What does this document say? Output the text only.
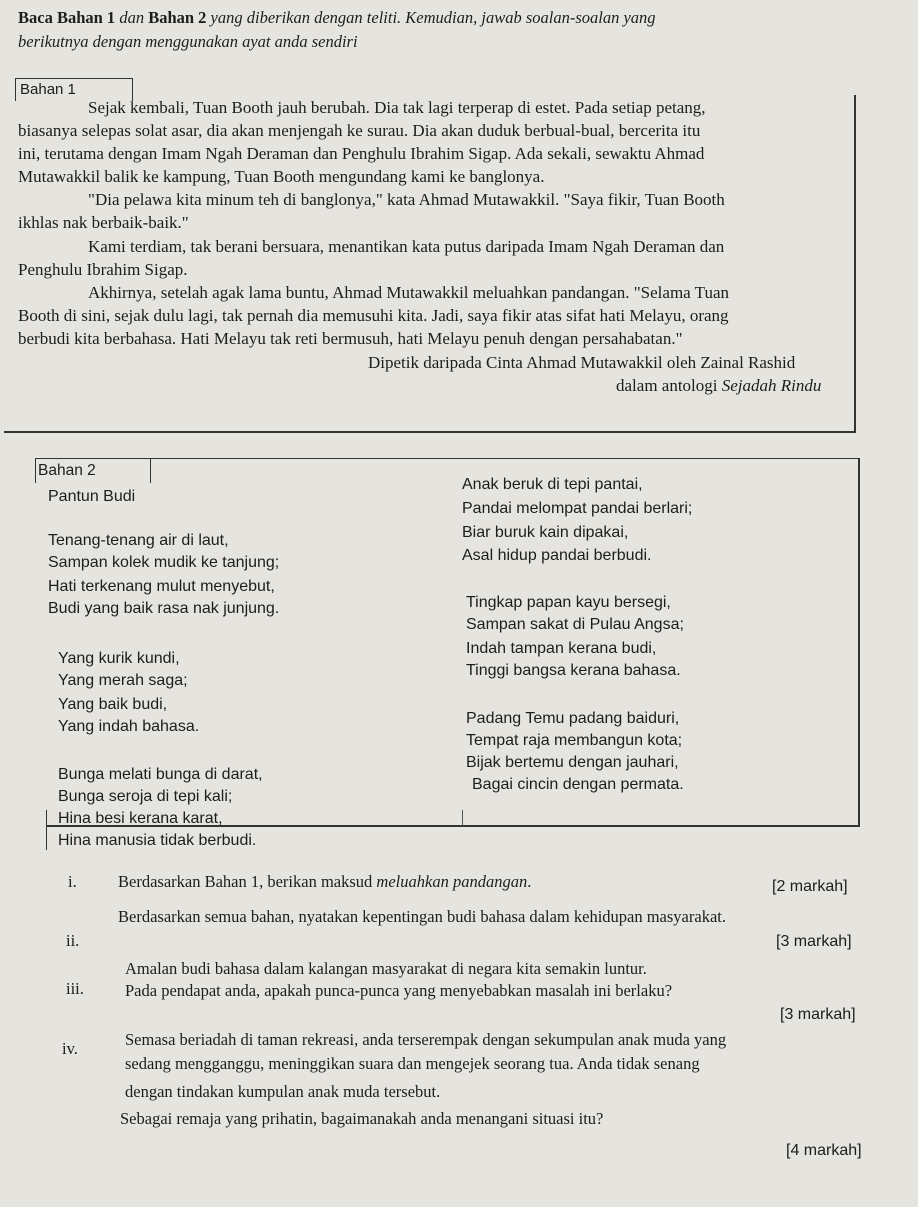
Baca Bahan 1 dan Bahan 2 yang diberikan dengan teliti. Kemudian, jawab soalan-soalan yang
berikutnya dengan menggunakan ayat anda sendiri
Bahan 1
Sejak kembali, Tuan Booth jauh berubah. Dia tak lagi terperap di estet. Pada setiap petang,
biasanya selepas solat asar, dia akan menjengah ke surau. Dia akan duduk berbual-bual, bercerita itu
ini, terutama dengan Imam Ngah Deraman dan Penghulu Ibrahim Sigap. Ada sekali, sewaktu Ahmad
Mutawakkil balik ke kampung, Tuan Booth mengundang kami ke banglonya.
"Dia pelawa kita minum teh di banglonya," kata Ahmad Mutawakkil. "Saya fikir, Tuan Booth
ikhlas nak berbaik-baik."
Kami terdiam, tak berani bersuara, menantikan kata putus daripada Imam Ngah Deraman dan
Penghulu Ibrahim Sigap.
Akhirnya, setelah agak lama buntu, Ahmad Mutawakkil meluahkan pandangan. "Selama Tuan
Booth di sini, sejak dulu lagi, tak pernah dia memusuhi kita. Jadi, saya fikir atas sifat hati Melayu, orang
berbudi kita berbahasa. Hati Melayu tak reti bermusuh, hati Melayu penuh dengan persahabatan."
Dipetik daripada Cinta Ahmad Mutawakkil oleh Zainal Rashid
dalam antologi Sejadah Rindu
Bahan 2
Pantun Budi
Tenang-tenang air di laut,
Sampan kolek mudik ke tanjung;
Hati terkenang mulut menyebut,
Budi yang baik rasa nak junjung.
Yang kurik kundi,
Yang merah saga;
Yang baik budi,
Yang indah bahasa.
Bunga melati bunga di darat,
Bunga seroja di tepi kali;
Hina besi kerana karat,
Hina manusia tidak berbudi.
Anak beruk di tepi pantai,
Pandai melompat pandai berlari;
Biar buruk kain dipakai,
Asal hidup pandai berbudi.
Tingkap papan kayu bersegi,
Sampan sakat di Pulau Angsa;
Indah tampan kerana budi,
Tinggi bangsa kerana bahasa.
Padang Temu padang baiduri,
Tempat raja membangun kota;
Bijak bertemu dengan jauhari,
Bagai cincin dengan permata.
i.	Berdasarkan Bahan 1, berikan maksud meluahkan pandangan.	[2 markah]
ii.
Berdasarkan semua bahan, nyatakan kepentingan budi bahasa dalam kehidupan masyarakat.
[3 markah]
iii.
Amalan budi bahasa dalam kalangan masyarakat di negara kita semakin luntur.
Pada pendapat anda, apakah punca-punca yang menyebabkan masalah ini berlaku?
[3 markah]
iv.	Semasa beriadah di taman rekreasi, anda terserempak dengan sekumpulan anak muda yang
sedang mengganggu, meninggikan suara dan mengejek seorang tua. Anda tidak senang
dengan tindakan kumpulan anak muda tersebut.
Sebagai remaja yang prihatin, bagaimanakah anda menangani situasi itu?
[4 markah]
